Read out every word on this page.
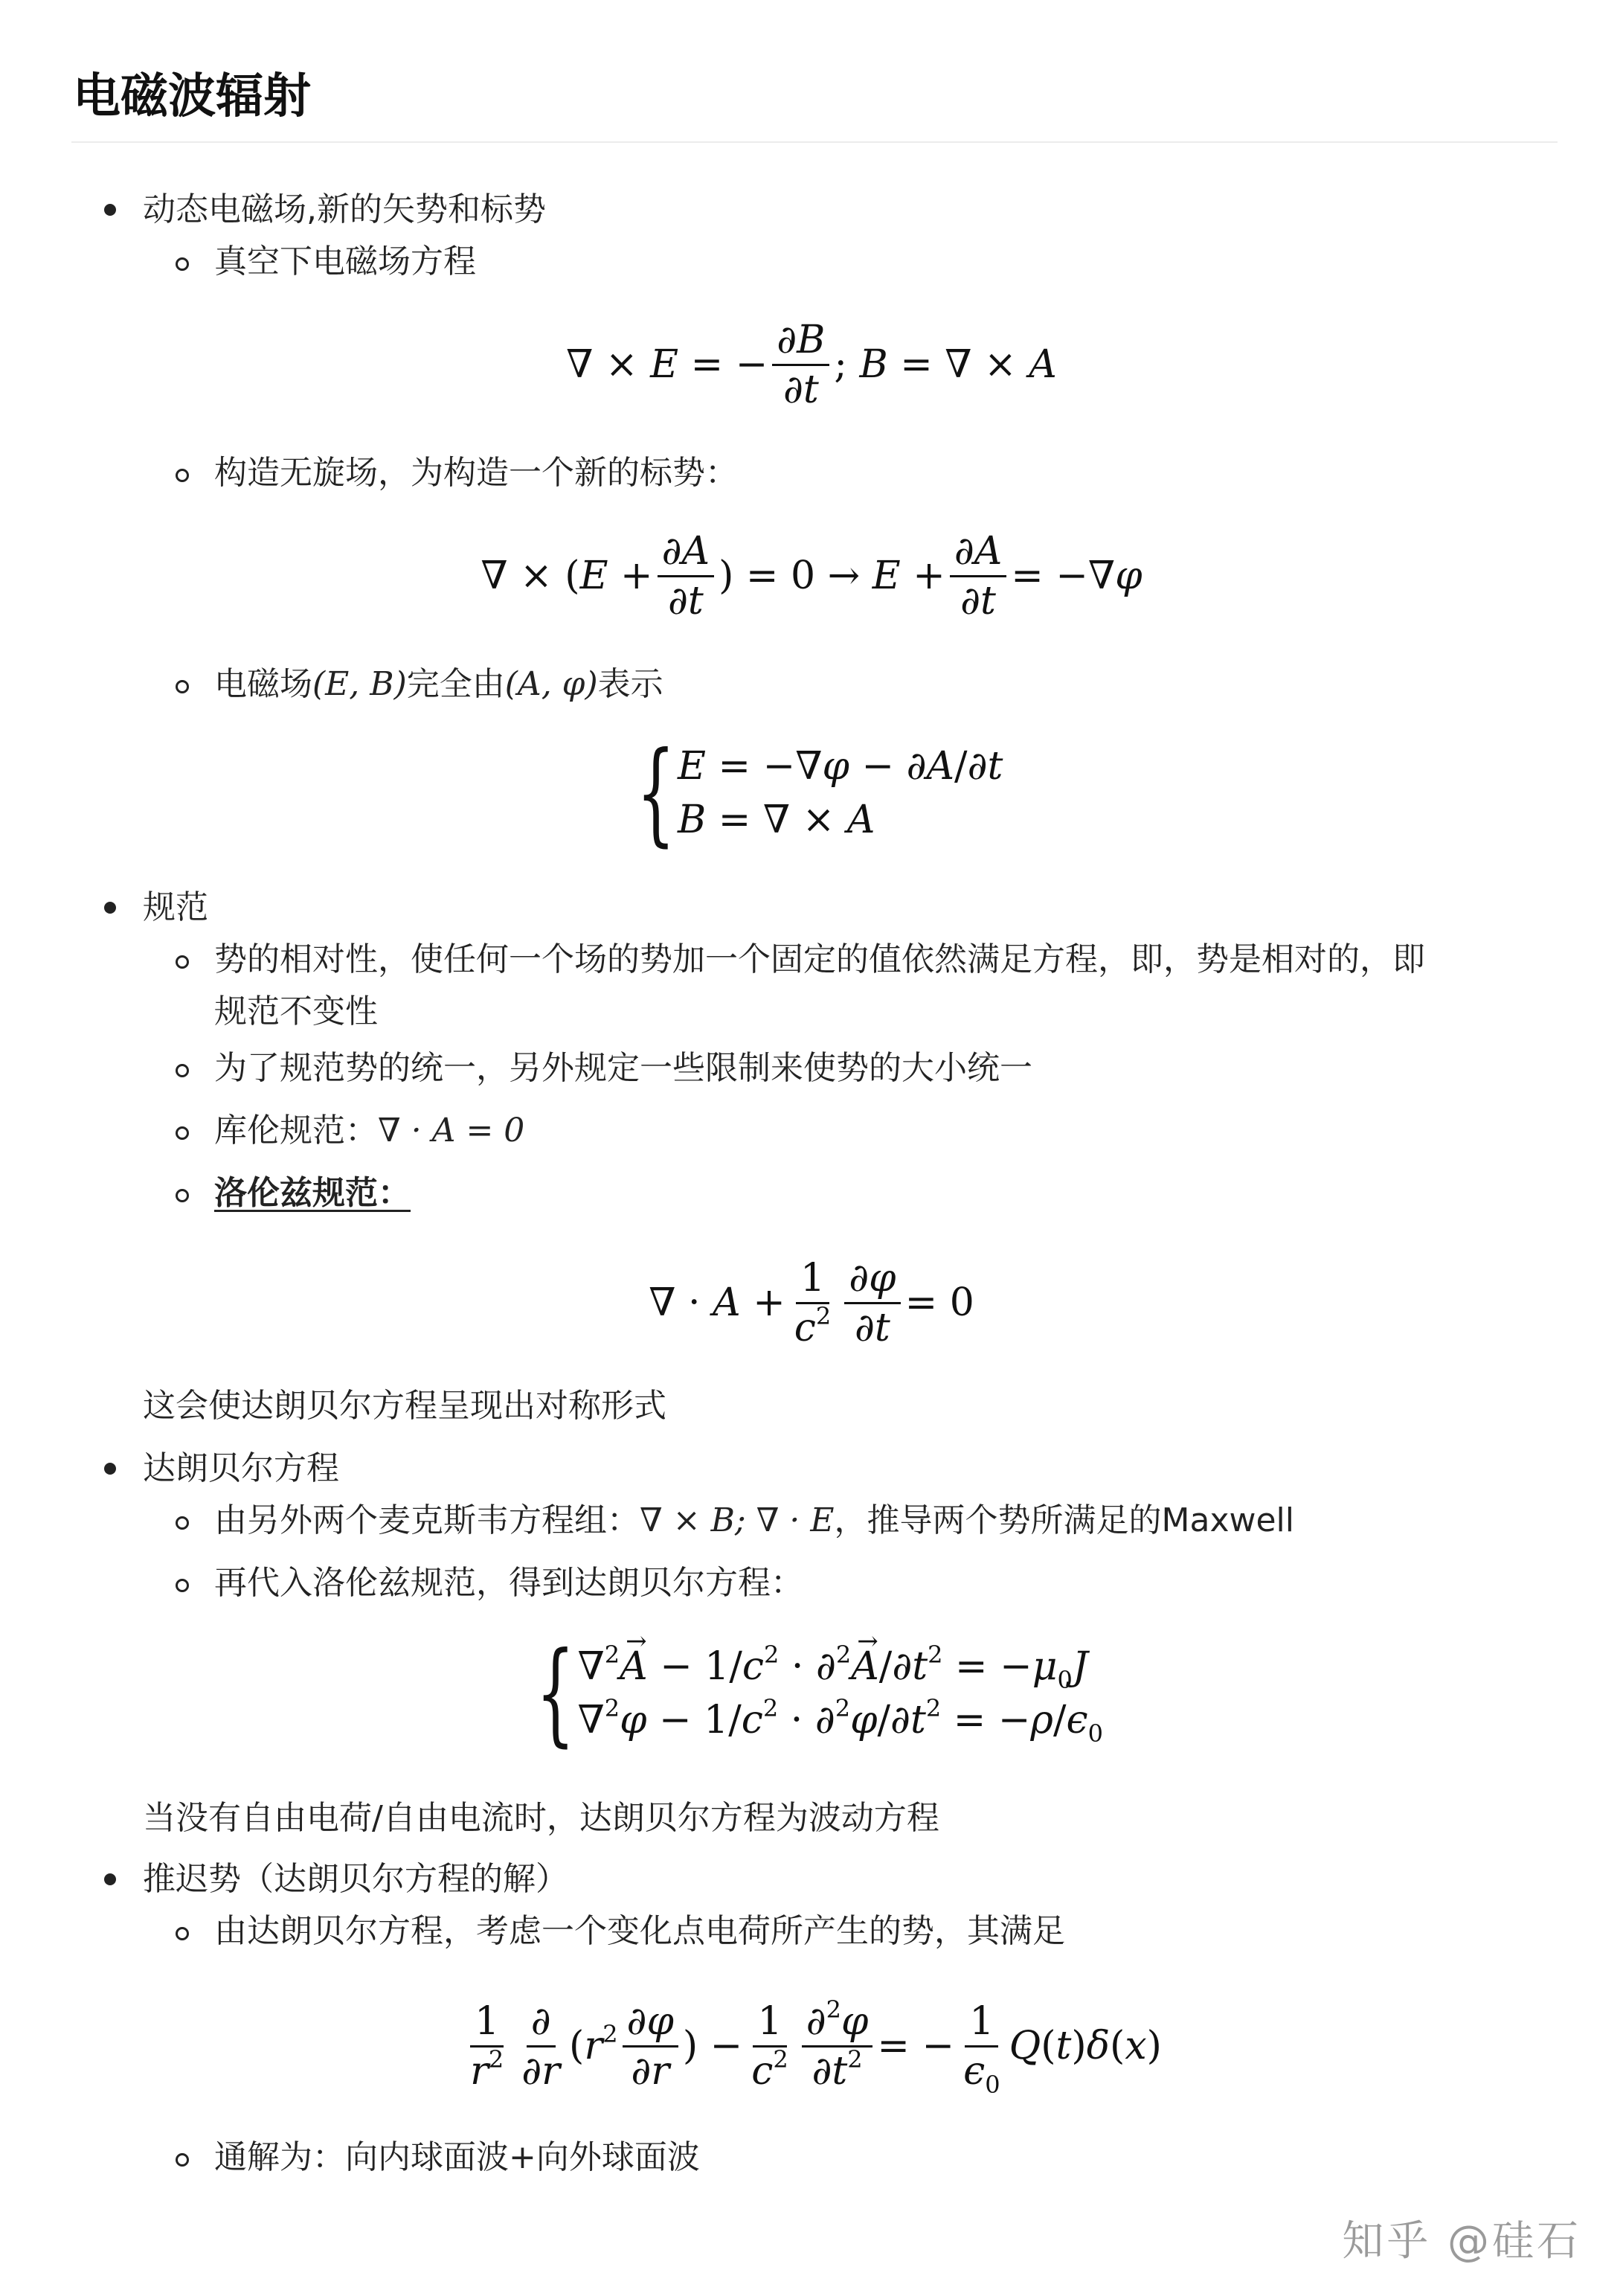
电磁波辐射
动态电磁场,新的矢势和标势
真空下电磁场方程
∇ × E = − $\frac{\partial B}{\partial t}$ ; B = ∇ × A
构造无旋场，为构造一个新的标势：
∇ × ($E + \frac{\partial A}{\partial t}$ ) = $0 \to E + \frac{\partial A}{\partial t} = -\nabla\varphi$
电磁场(E, B)完全由(A, φ)表示
{ E = −∇φ − ∂A/∂t
B = ∇ × A
规范
势的相对性，使任何一个场的势加一个固定的值依然满足方程，即，势是相对的，即
规范不变性
为了规范势的统一，另外规定一些限制来使势的大小统一
库伦规范：∇ · A = 0
洛伦兹规范：
∇ · $A + \frac{1}{c^2} \frac{\partial\varphi}{\partial t} = 0$
这会使达朗贝尔方程呈现出对称形式
达朗贝尔方程
由另外两个麦克斯韦方程组：∇ × B; ∇ · E，推导两个势所满足的Maxwell
再代入洛伦兹规范，得到达朗贝尔方程：
{ $\nabla^2\to A - 1/c^2 \cdot \partial^2\to A/\partial t^2 = -\mu_0J$
$\nabla^2\varphi - 1/c^2 \cdot \partial^2\varphi/\partial t^2 = -\rho/\epsilon_0$
当没有自由电荷/自由电流时，达朗贝尔方程为波动方程
推迟势（达朗贝尔方程的解）
由达朗贝尔方程，考虑一个变化点电荷所产生的势，其满足
$\frac{1}{r^2} \frac{\partial}{\partial r} (r^2 \frac{\partial\varphi}{\partial r}$ ) − $\frac{1}{c^2} \frac{\partial^2\varphi}{\partial t^2}$ = − $\frac{1}{\epsilon_0} Q(t)\delta(x)$
通解为：向内球面波+向外球面波
知乎 @硅石
